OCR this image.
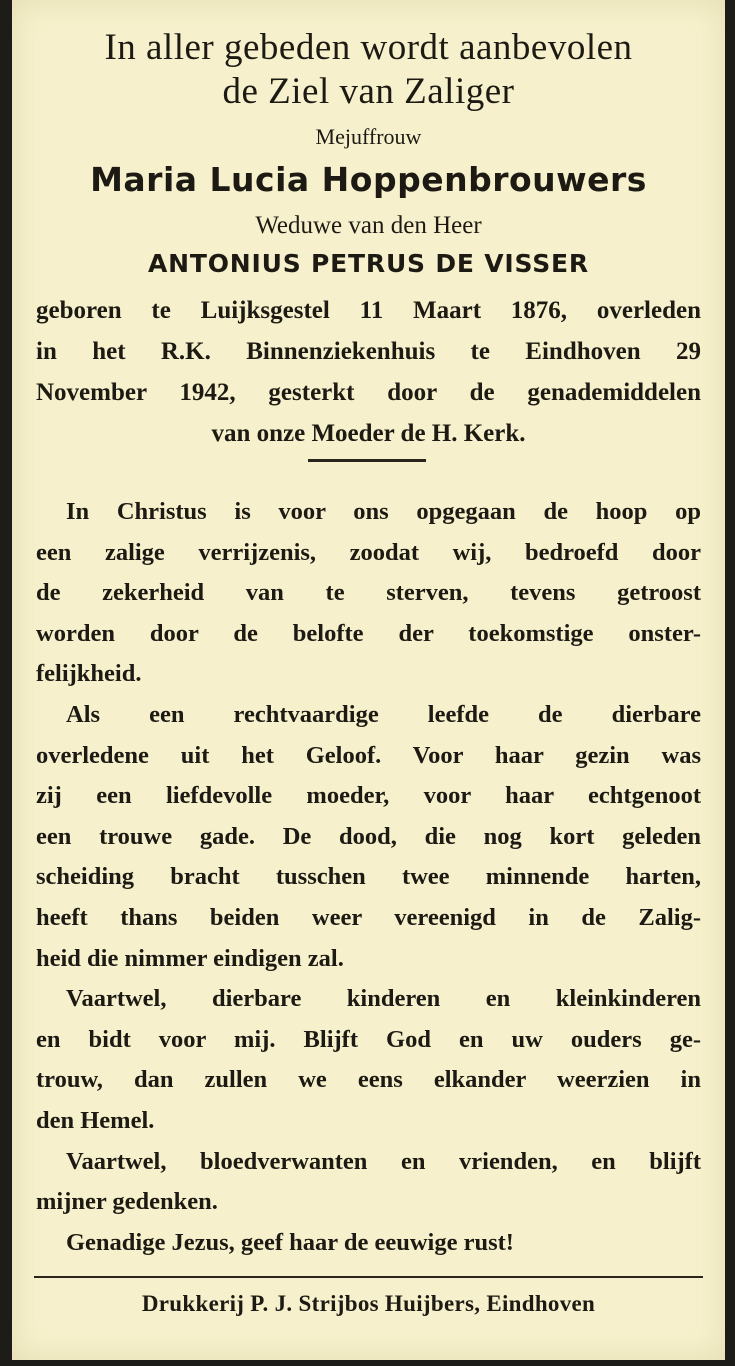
In aller gebeden wordt aanbevolen
de Ziel van Zaliger
Mejuffrouw
Maria Lucia Hoppenbrouwers
Weduwe van den Heer
ANTONIUS PETRUS DE VISSER
geboren te Luijksgestel 11 Maart 1876, overleden
in het R.K. Binnenziekenhuis te Eindhoven 29
November 1942, gesterkt door de genademiddelen
van onze Moeder de H. Kerk.
In Christus is voor ons opgegaan de hoop op
een zalige verrijzenis, zoodat wij, bedroefd door
de zekerheid van te sterven, tevens getroost
worden door de belofte der toekomstige onster-
felijkheid.
Als een rechtvaardige leefde de dierbare
overledene uit het Geloof. Voor haar gezin was
zij een liefdevolle moeder, voor haar echtgenoot
een trouwe gade. De dood, die nog kort geleden
scheiding bracht tusschen twee minnende harten,
heeft thans beiden weer vereenigd in de Zalig-
heid die nimmer eindigen zal.
Vaartwel, dierbare kinderen en kleinkinderen
en bidt voor mij. Blijft God en uw ouders ge-
trouw, dan zullen we eens elkander weerzien in
den Hemel.
Vaartwel, bloedverwanten en vrienden, en blijft
mijner gedenken.
Genadige Jezus, geef haar de eeuwige rust!
Drukkerij P. J. Strijbos Huijbers, Eindhoven
